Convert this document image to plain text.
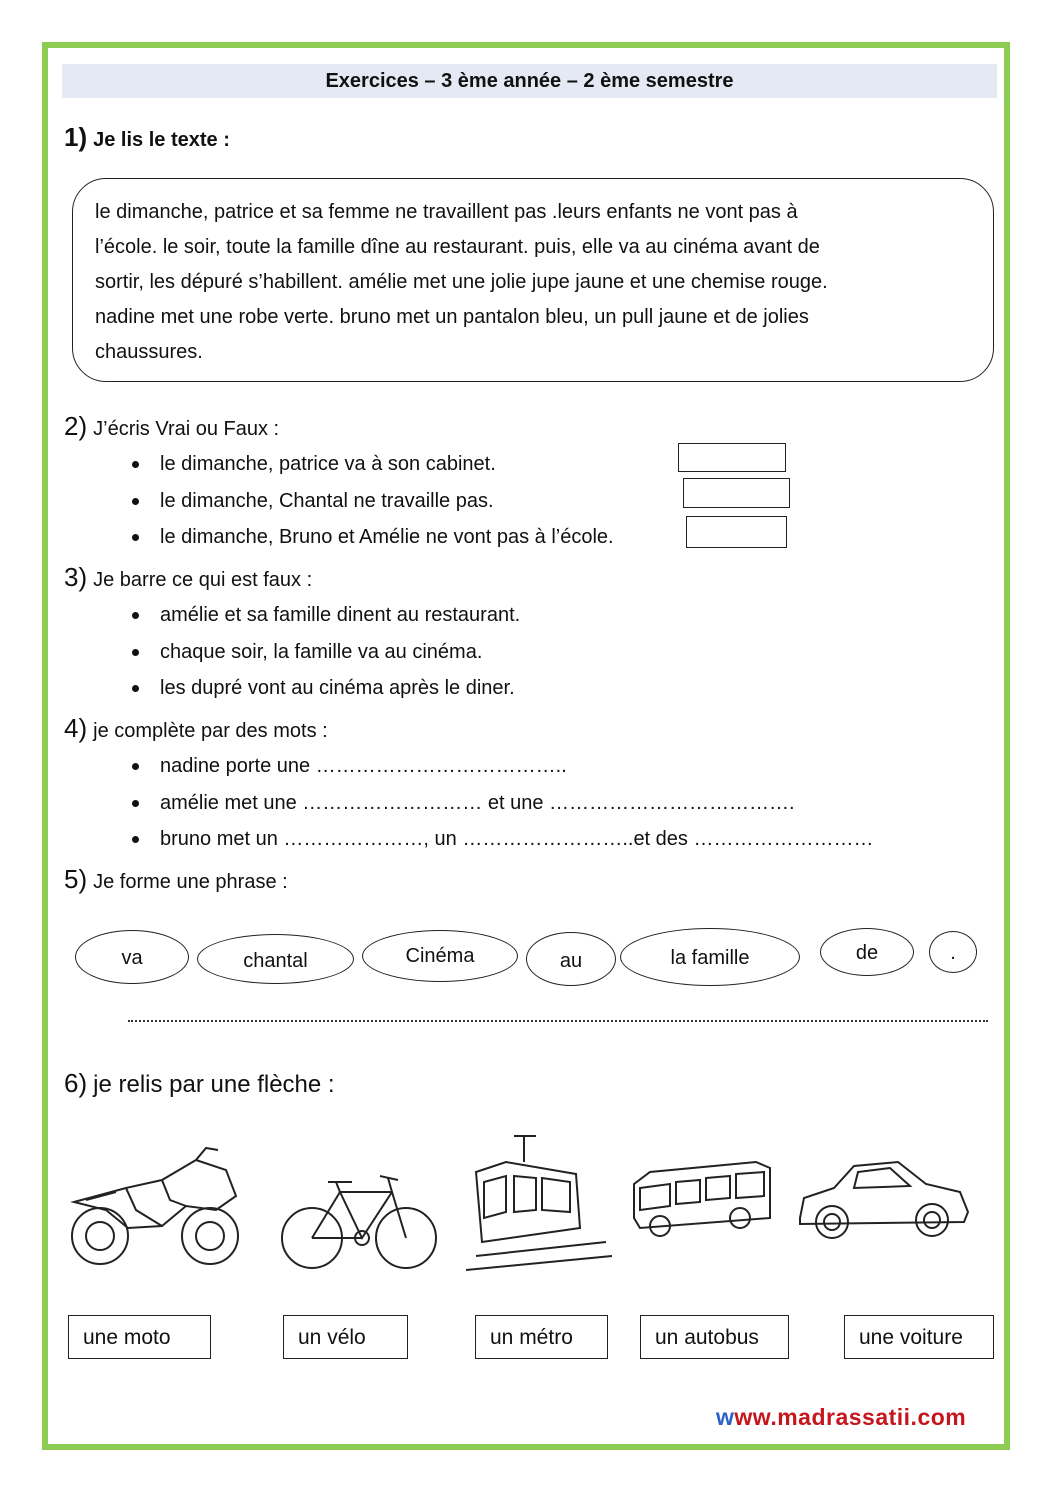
Exercices – 3 ème année – 2 ème semestre
1) Je lis le texte :

le dimanche, patrice et sa femme ne travaillent pas .leurs enfants ne vont pas à

l’école. le soir, toute la famille dîne au restaurant. puis, elle va au cinéma avant de

sortir, les dépuré s’habillent. amélie met une jolie jupe jaune et une chemise rouge.

nadine met une robe verte. bruno met un pantalon bleu, un pull jaune et de jolies

chaussures.

2) J’écris Vrai ou Faux :
le dimanche, patrice va à son cabinet.
le dimanche, Chantal ne travaille pas.
le dimanche, Bruno et Amélie ne vont pas à l’école.
3) Je barre ce qui est faux :
amélie et sa famille dinent au restaurant.
chaque soir, la famille va au cinéma.
les dupré vont au cinéma après le diner.
4) je complète par des mots :
nadine porte une ………………………………..
amélie met une ……………………… et une ……………………………….
bruno met un …………………, un ……………………..et des ………………………
5) Je forme une phrase :
va	chantal	Cinéma	au	la famille	de	.
6) je relis par une flèche :
une moto	un vélo	un métro	un autobus	une voiture
www.madrassatii.com
